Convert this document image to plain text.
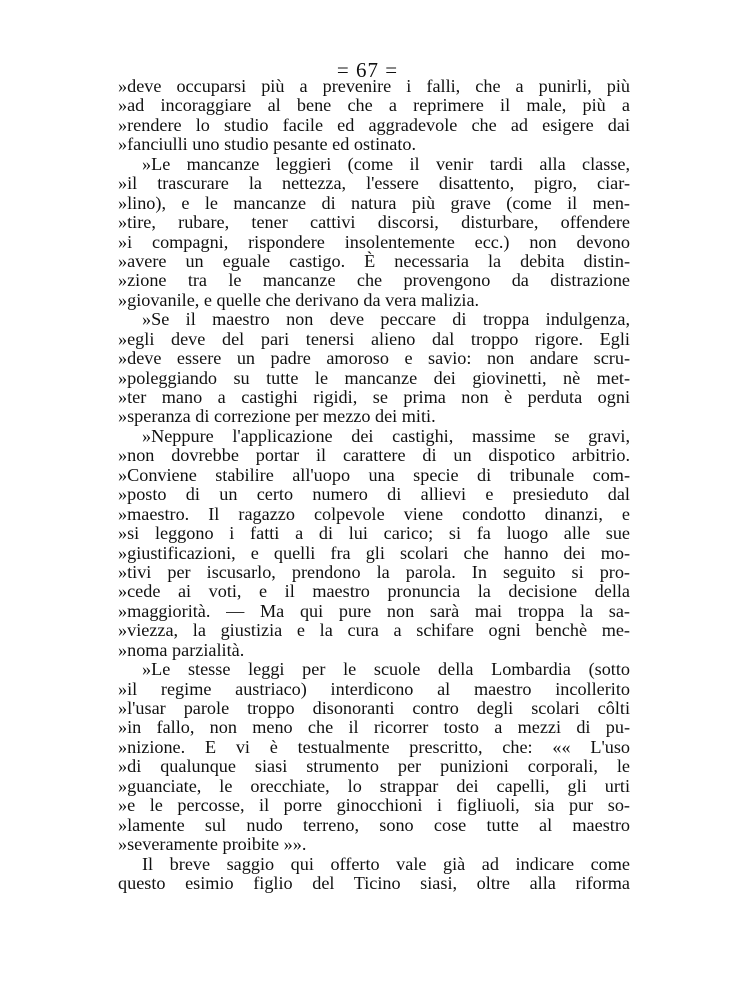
= 67 =
»deve occuparsi più a prevenire i falli, che a punirli, più
»ad incoraggiare al bene che a reprimere il male, più a
»rendere lo studio facile ed aggradevole che ad esigere dai
»fanciulli uno studio pesante ed ostinato.
»Le mancanze leggieri (come il venir tardi alla classe,
»il trascurare la nettezza, l'essere disattento, pigro, ciar-
»lino), e le mancanze di natura più grave (come il men-
»tire, rubare, tener cattivi discorsi, disturbare, offendere
»i compagni, rispondere insolentemente ecc.) non devono
»avere un eguale castigo. È necessaria la debita distin-
»zione tra le mancanze che provengono da distrazione
»giovanile, e quelle che derivano da vera malizia.
»Se il maestro non deve peccare di troppa indulgenza,
»egli deve del pari tenersi alieno dal troppo rigore. Egli
»deve essere un padre amoroso e savio: non andare scru-
»poleggiando su tutte le mancanze dei giovinetti, nè met-
»ter mano a castighi rigidi, se prima non è perduta ogni
»speranza di correzione per mezzo dei miti.
»Neppure l'applicazione dei castighi, massime se gravi,
»non dovrebbe portar il carattere di un dispotico arbitrio.
»Conviene stabilire all'uopo una specie di tribunale com-
»posto di un certo numero di allievi e presieduto dal
»maestro. Il ragazzo colpevole viene condotto dinanzi, e
»si leggono i fatti a di lui carico; si fa luogo alle sue
»giustificazioni, e quelli fra gli scolari che hanno dei mo-
»tivi per iscusarlo, prendono la parola. In seguito si pro-
»cede ai voti, e il maestro pronuncia la decisione della
»maggiorità. — Ma qui pure non sarà mai troppa la sa-
»viezza, la giustizia e la cura a schifare ogni benchè me-
»noma parzialità.
»Le stesse leggi per le scuole della Lombardia (sotto
»il regime austriaco) interdicono al maestro incollerito
»l'usar parole troppo disonoranti contro degli scolari côlti
»in fallo, non meno che il ricorrer tosto a mezzi di pu-
»nizione. E vi è testualmente prescritto, che: «« L'uso
»di qualunque siasi strumento per punizioni corporali, le
»guanciate, le orecchiate, lo strappar dei capelli, gli urti
»e le percosse, il porre ginocchioni i figliuoli, sia pur so-
»lamente sul nudo terreno, sono cose tutte al maestro
»severamente proibite »».
Il breve saggio qui offerto vale già ad indicare come
questo esimio figlio del Ticino siasi, oltre alla riforma
